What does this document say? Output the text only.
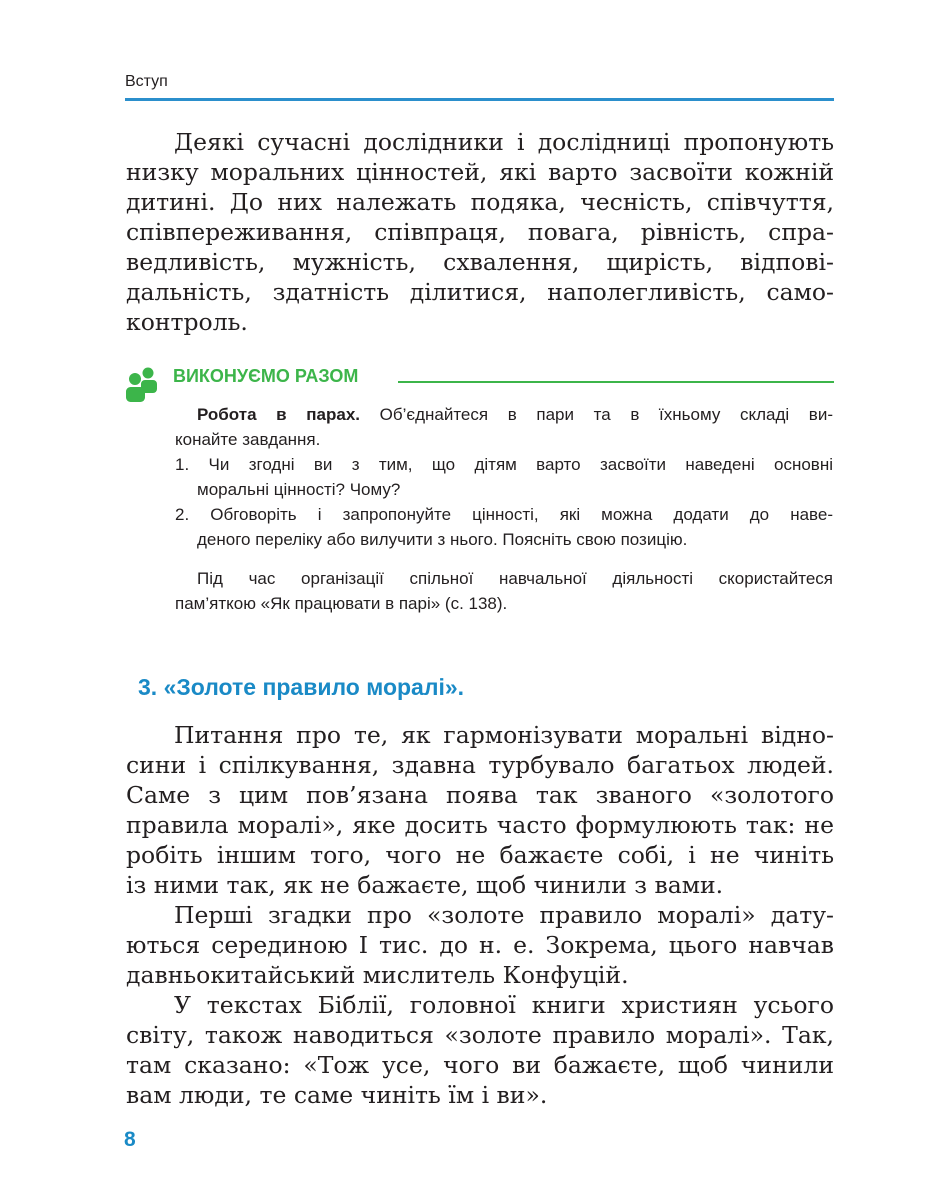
Вступ
Деякі сучасні дослідники і дослідниці пропонують
низку моральних цінностей, які варто засвоїти кожній
дитині. До них належать подяка, чесність, співчуття,
співпереживання, співпраця, повага, рівність, спра-
ведливість, мужність, схвалення, щирість, відпові-
дальність, здатність ділитися, наполегливість, само-
контроль.
ВИКОНУЄМО РАЗОМ
Робота в парах. Об’єднайтеся в пари та в їхньому складі ви-
конайте завдання.
1. Чи згодні ви з тим, що дітям варто засвоїти наведені основні
моральні цінності? Чому?
2. Обговоріть і запропонуйте цінності, які можна додати до наве-
деного переліку або вилучити з нього. Поясніть свою позицію.
Під час організації спільної навчальної діяльності скористайтеся
пам’яткою «Як працювати в парі» (с. 138).
3. «Золоте правило моралі».
Питання про те, як гармонізувати моральні відно-
сини і спілкування, здавна турбувало багатьох людей.
Саме з цим пов’язана поява так званого «золотого
правила моралі», яке досить часто формулюють так: не
робіть іншим того, чого не бажаєте собі, і не чиніть
із ними так, як не бажаєте, щоб чинили з вами.
Перші згадки про «золоте правило моралі» дату-
ються серединою І тис. до н. е. Зокрема, цього навчав
давньокитайський мислитель Конфуцій.
У текстах Біблії, головної книги християн усього
світу, також наводиться «золоте правило моралі». Так,
там сказано: «Тож усе, чого ви бажаєте, щоб чинили
вам люди, те саме чиніть їм і ви».
8
